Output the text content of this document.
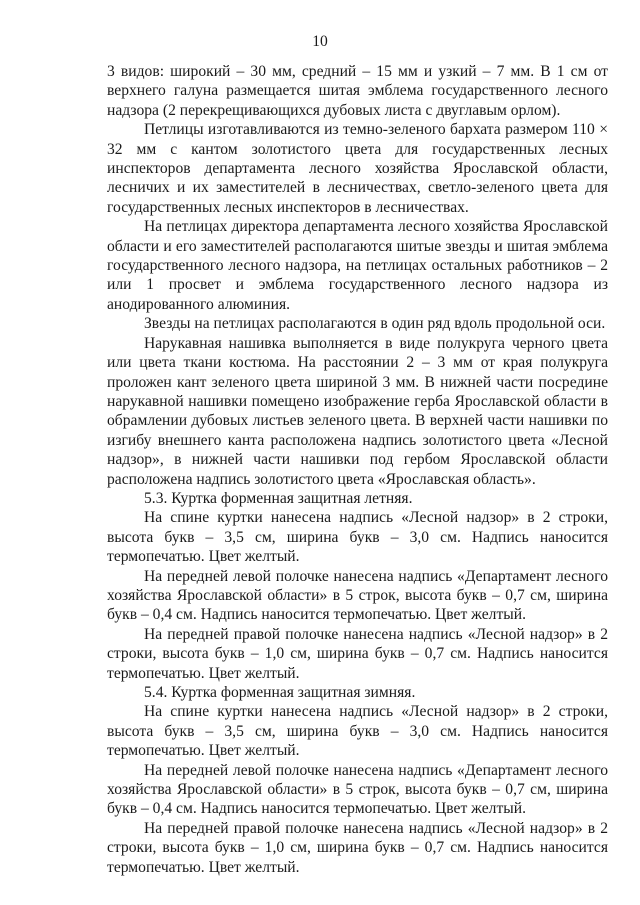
10

3 видов: широкий – 30 мм, средний – 15 мм и узкий – 7 мм. В 1 см от верхнего галуна размещается шитая эмблема государственного лесного надзора (2 перекрещивающихся дубовых листа с двуглавым орлом).

Петлицы изготавливаются из темно-зеленого бархата размером 110 × 32 мм с кантом золотистого цвета для государственных лесных инспекторов департамента лесного хозяйства Ярославской области, лесничих и их заместителей в лесничествах, светло-зеленого цвета для государственных лесных инспекторов в лесничествах.

На петлицах директора департамента лесного хозяйства Ярославской области и его заместителей располагаются шитые звезды и шитая эмблема государственного лесного надзора, на петлицах остальных работников – 2 или 1 просвет и эмблема государственного лесного надзора из анодированного алюминия.

Звезды на петлицах располагаются в один ряд вдоль продольной оси.

Нарукавная нашивка выполняется в виде полукруга черного цвета или цвета ткани костюма. На расстоянии 2 – 3 мм от края полукруга проложен кант зеленого цвета шириной 3 мм. В нижней части посредине нарукавной нашивки помещено изображение герба Ярославской области в обрамлении дубовых листьев зеленого цвета. В верхней части нашивки по изгибу внешнего канта расположена надпись золотистого цвета «Лесной надзор», в нижней части нашивки под гербом Ярославской области расположена надпись золотистого цвета «Ярославская область».

5.3. Куртка форменная защитная летняя.

На спине куртки нанесена надпись «Лесной надзор» в 2 строки, высота букв – 3,5 см, ширина букв – 3,0 см. Надпись наносится термопечатью. Цвет желтый.

На передней левой полочке нанесена надпись «Департамент лесного хозяйства Ярославской области» в 5 строк, высота букв – 0,7 см, ширина букв – 0,4 см. Надпись наносится термопечатью. Цвет желтый.

На передней правой полочке нанесена надпись «Лесной надзор» в 2 строки, высота букв – 1,0 см, ширина букв – 0,7 см. Надпись наносится термопечатью. Цвет желтый.

5.4. Куртка форменная защитная зимняя.

На спине куртки нанесена надпись «Лесной надзор» в 2 строки, высота букв – 3,5 см, ширина букв – 3,0 см. Надпись наносится термопечатью. Цвет желтый.

На передней левой полочке нанесена надпись «Департамент лесного хозяйства Ярославской области» в 5 строк, высота букв – 0,7 см, ширина букв – 0,4 см. Надпись наносится термопечатью. Цвет желтый.

На передней правой полочке нанесена надпись «Лесной надзор» в 2 строки, высота букв – 1,0 см, ширина букв – 0,7 см. Надпись наносится термопечатью. Цвет желтый.
